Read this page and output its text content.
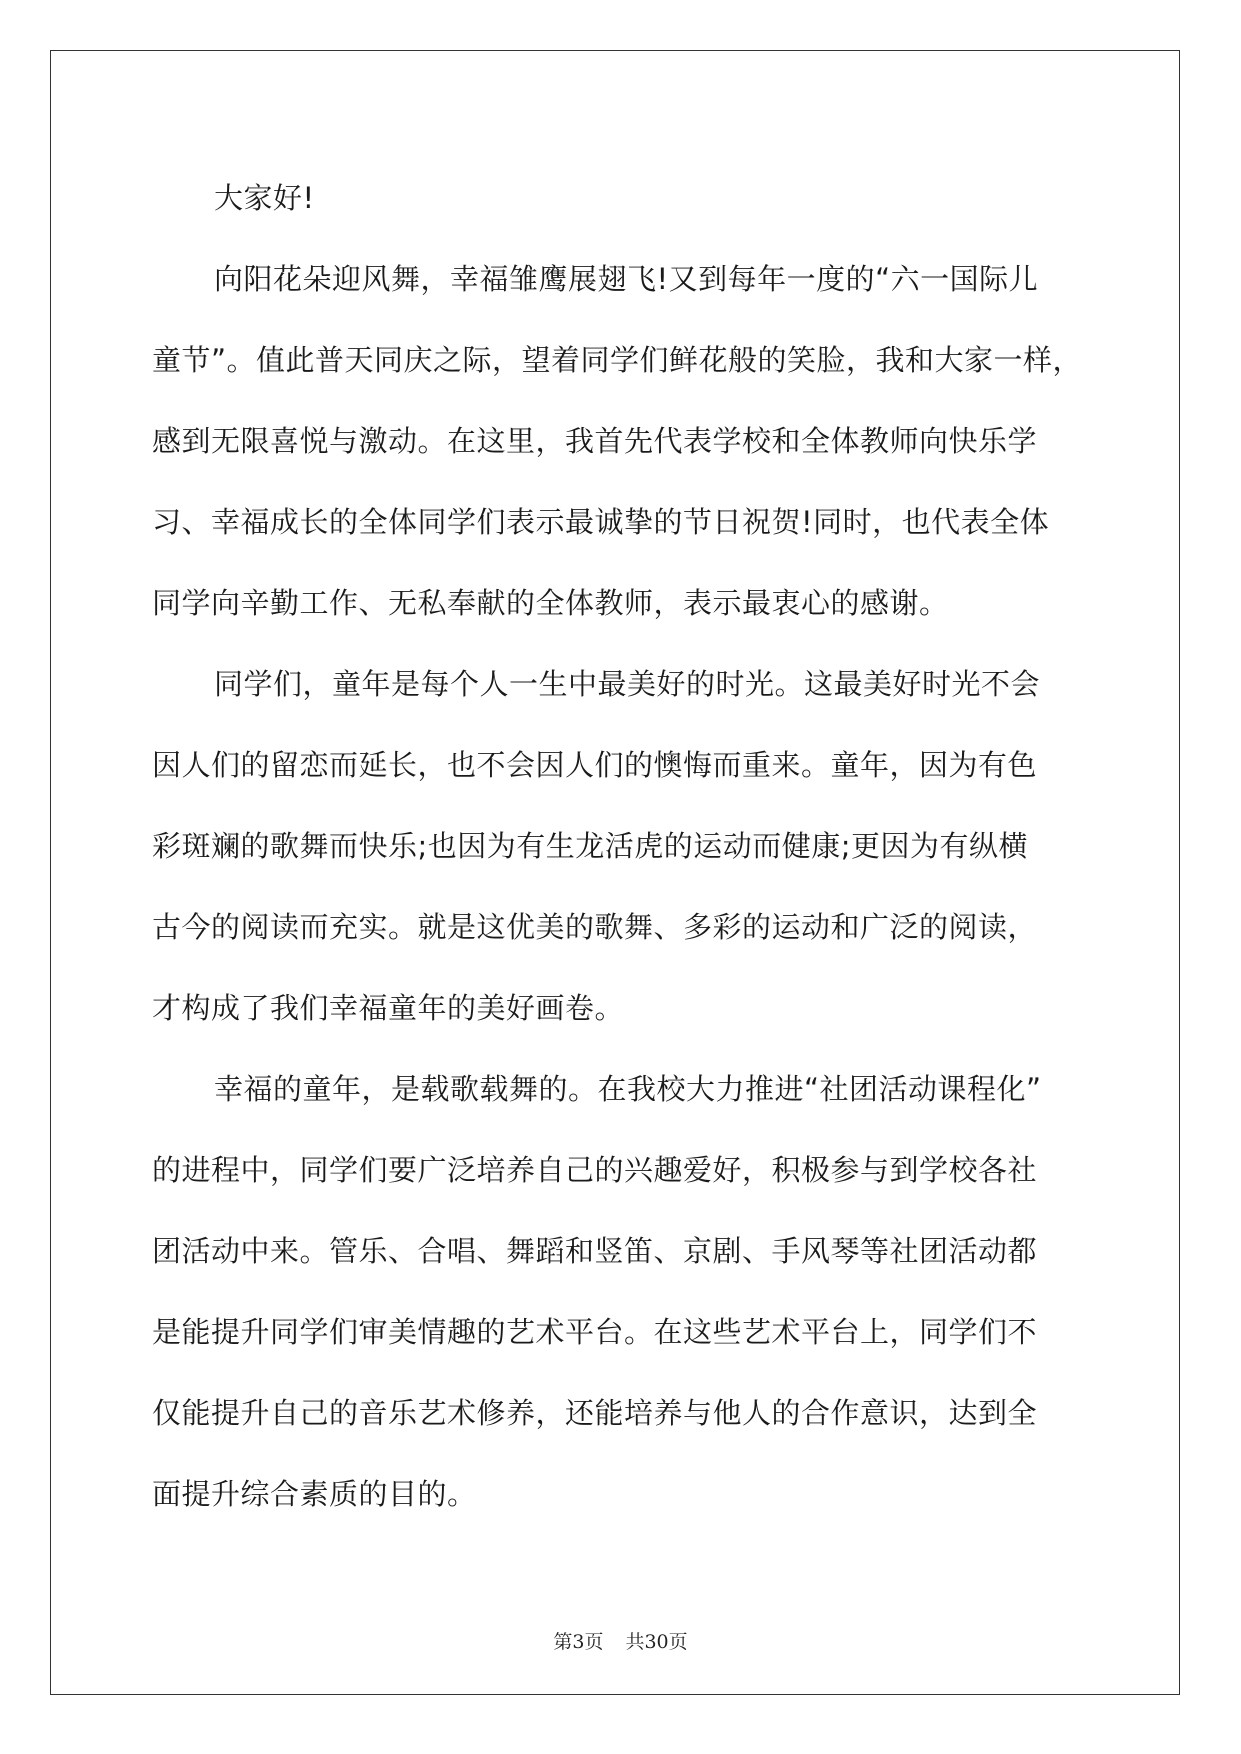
大家好!
向阳花朵迎风舞，幸福雏鹰展翅飞!又到每年一度的“六一国际儿
童节”。值此普天同庆之际，望着同学们鲜花般的笑脸，我和大家一样，
感到无限喜悦与激动。在这里，我首先代表学校和全体教师向快乐学
习、幸福成长的全体同学们表示最诚挚的节日祝贺!同时，也代表全体
同学向辛勤工作、无私奉献的全体教师，表示最衷心的感谢。
同学们，童年是每个人一生中最美好的时光。这最美好时光不会
因人们的留恋而延长，也不会因人们的懊悔而重来。童年，因为有色
彩斑斓的歌舞而快乐;也因为有生龙活虎的运动而健康;更因为有纵横
古今的阅读而充实。就是这优美的歌舞、多彩的运动和广泛的阅读，
才构成了我们幸福童年的美好画卷。
幸福的童年，是载歌载舞的。在我校大力推进“社团活动课程化”
的进程中，同学们要广泛培养自己的兴趣爱好，积极参与到学校各社
团活动中来。管乐、合唱、舞蹈和竖笛、京剧、手风琴等社团活动都
是能提升同学们审美情趣的艺术平台。在这些艺术平台上，同学们不
仅能提升自己的音乐艺术修养，还能培养与他人的合作意识，达到全
面提升综合素质的目的。
第3页 共30页
